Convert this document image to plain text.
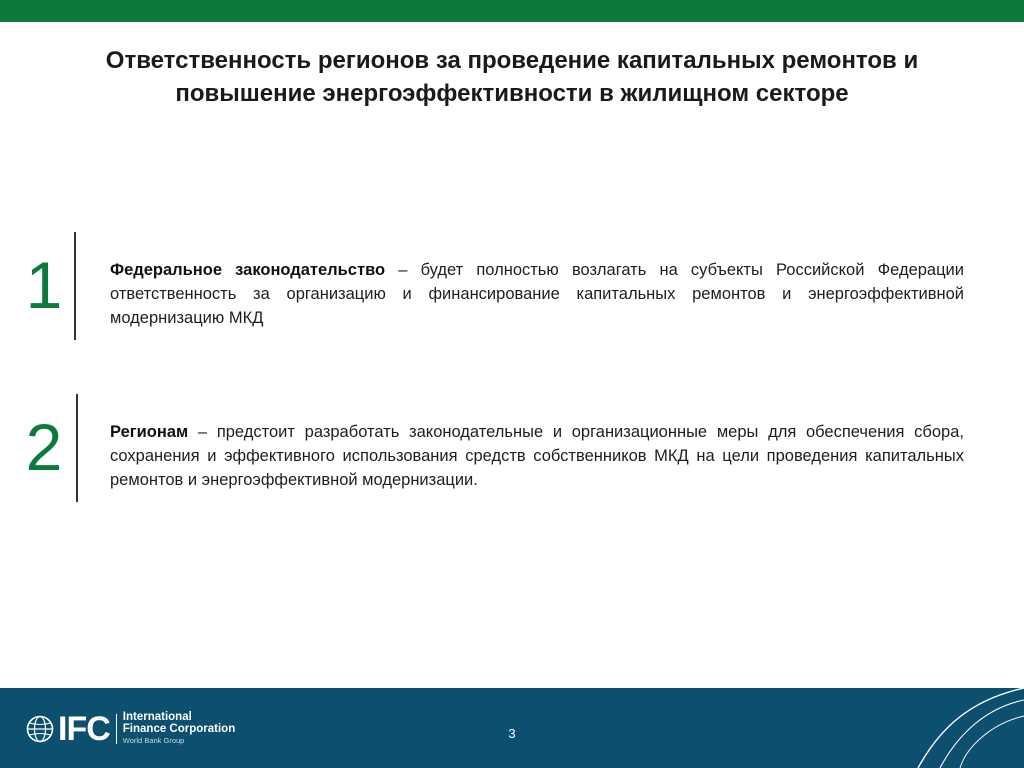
Ответственность регионов за проведение капитальных ремонтов и повышение энергоэффективности в жилищном секторе
1	Федеральное законодательство – будет полностью возлагать на субъекты Российской Федерации ответственность за организацию и финансирование капитальных ремонтов и энергоэффективной модернизацию МКД

2	Регионам – предстоит разработать законодательные и организационные меры для обеспечения сбора, сохранения и эффективного использования средств собственников МКД на цели проведения капитальных ремонтов и энергоэффективной модернизации.

IFC International
Finance Corporation
World Bank Group	3
